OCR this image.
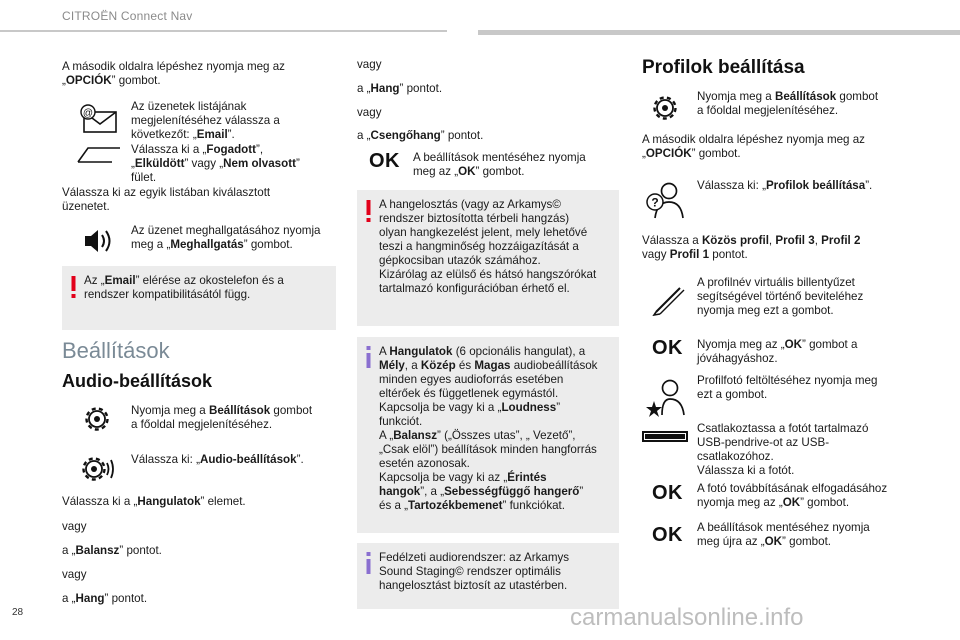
CITROËN Connect Nav

A második oldalra lépéshez nyomja meg az
„OPCIÓK” gombot.

@
Az üzenetek listájának
megjelenítéséhez válassza a
következőt: „Email”.
Válassza ki a „Fogadott”,
„Elküldött” vagy „Nem olvasott”
fület.

Válassza ki az egyik listában kiválasztott
üzenetet.

Az üzenet meghallgatásához nyomja
meg a „Meghallgatás” gombot.
Az „Email” elérése az okostelefon és a
rendszer kompatibilitásától függ.
Beállítások
Audio-beállítások
Nyomja meg a Beállítások gombot
a főoldal megjelenítéséhez.
Válassza ki: „Audio-beállítások”.

Válassza ki a „Hangulatok” elemet.

vagy

a „Balansz” pontot.

vagy

a „Hang” pontot.

vagy

a „Hang” pontot.

vagy

a „Csengőhang” pontot.

OK A beállítások mentéséhez nyomja
meg az „OK” gombot.
A hangelosztás (vagy az Arkamys©
rendszer biztosította térbeli hangzás)
olyan hangkezelést jelent, mely lehetővé
teszi a hangminőség hozzáigazítását a
gépkocsiban utazók számához.
Kizárólag az elülső és hátsó hangszórókat
tartalmazó konfigurációban érhető el.
A Hangulatok (6 opcionális hangulat), a
Mély, a Közép és Magas audiobeállítások
minden egyes audioforrás esetében
eltérőek és függetlenek egymástól.
Kapcsolja be vagy ki a „Loudness”
funkciót.
A „Balansz” („Összes utas”, „ Vezető”,
„Csak elöl”) beállítások minden hangforrás
esetén azonosak.
Kapcsolja be vagy ki az „Érintés
hangok”, a „Sebességfüggő hangerő”
és a „Tartozékbemenet” funkciókat.
Fedélzeti audiorendszer: az Arkamys
Sound Staging© rendszer optimális
hangelosztást biztosít az utastérben.
Profilok beállítása
Nyomja meg a Beállítások gombot
a főoldal megjelenítéséhez.

A második oldalra lépéshez nyomja meg az
„OPCIÓK” gombot.

?
Válassza ki: „Profilok beállítása”.

Válassza a Közös profil, Profil 3, Profil 2
vagy Profil 1 pontot.

A profilnév virtuális billentyűzet
segítségével történő beviteléhez
nyomja meg ezt a gombot.
OK Nyomja meg az „OK” gombot a
jóváhagyáshoz.
Profilfotó feltöltéséhez nyomja meg
ezt a gombot.
Csatlakoztassa a fotót tartalmazó
USB-pendrive-ot az USB-
csatlakozóhoz.
Válassza ki a fotót.
OK A fotó továbbításának elfogadásához
nyomja meg az „OK” gombot.
OK A beállítások mentéséhez nyomja
meg újra az „OK” gombot.
28	carmanualsonline.info
